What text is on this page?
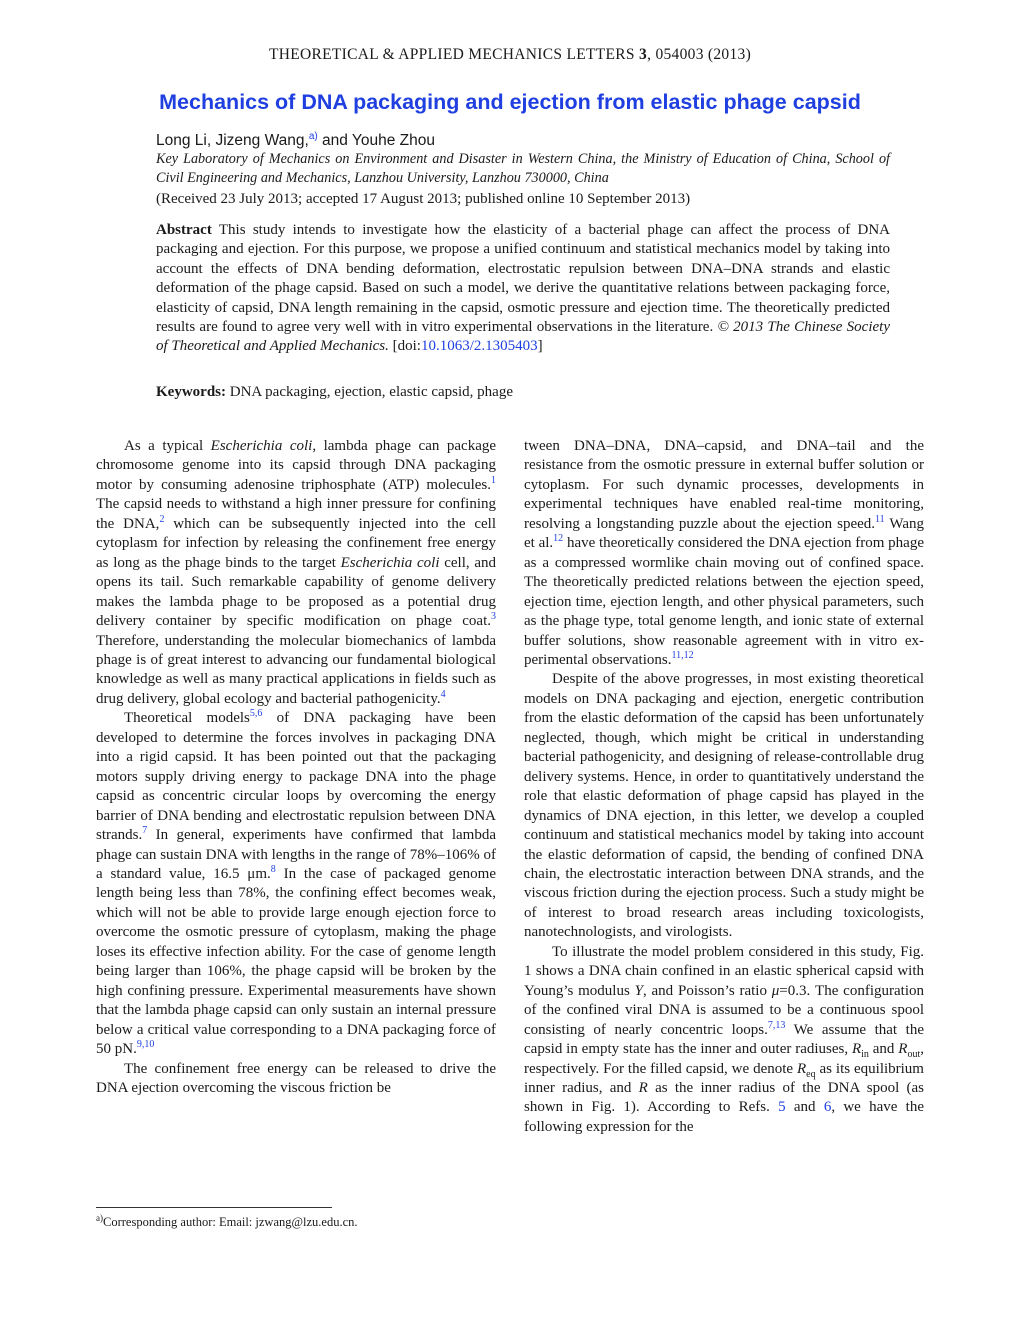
THEORETICAL & APPLIED MECHANICS LETTERS 3, 054003 (2013)
Mechanics of DNA packaging and ejection from elastic phage capsid
Long Li, Jizeng Wang,$^{a)}$ and Youhe Zhou
Key Laboratory of Mechanics on Environment and Disaster in Western China, the Ministry of Education of China, School of Civil Engineering and Mechanics, Lanzhou University, Lanzhou 730000, China
(Received 23 July 2013; accepted 17 August 2013; published online 10 September 2013)
Abstract This study intends to investigate how the elasticity of a bacterial phage can affect the process of DNA packaging and ejection. For this purpose, we propose a unified continuum and statistical mechanics model by taking into account the effects of DNA bending deformation, electrostatic repulsion between DNA–DNA strands and elastic deformation of the phage capsid. Based on such a model, we derive the quantitative relations between packaging force, elasticity of capsid, DNA length remaining in the capsid, osmotic pressure and ejection time. The theoretically predicted results are found to agree very well with in vitro experimental observations in the literature. © 2013 The Chinese Society of Theoretical and Applied Mechanics. [doi:10.1063/2.1305403]
Keywords: DNA packaging, ejection, elastic capsid, phage

As a typical Escherichia coli, lambda phage can package chromosome genome into its capsid through DNA packaging motor by consuming adenosine triphosphate (ATP) molecules.$^1$ The capsid needs to withstand a high inner pressure for confining the DNA,$^2$ which can be subsequently injected into the cell cytoplasm for infection by releasing the confinement free energy as long as the phage binds to the target Escherichia coli cell, and opens its tail. Such remarkable capability of genome delivery makes the lambda phage to be proposed as a potential drug delivery container by specific modification on phage coat.$^3$ Therefore, understanding the molecular biomechanics of lambda phage is of great interest to advancing our fundamental biological knowledge as well as many practical applications in fields such as drug delivery, global ecology and bacterial pathogenicity.$^4$

Theoretical models$^{5,6}$ of DNA packaging have been developed to determine the forces involves in packaging DNA into a rigid capsid. It has been pointed out that the packaging motors supply driving energy to package DNA into the phage capsid as concentric circular loops by overcoming the energy barrier of DNA bending and electrostatic repulsion between DNA strands.$^7$ In general, experiments have confirmed that lambda phage can sustain DNA with lengths in the range of 78%–106% of a standard value, 16.5 μm.$^8$ In the case of packaged genome length being less than 78%, the confining effect becomes weak, which will not be able to provide large enough ejection force to overcome the osmotic pressure of cytoplasm, making the phage loses its effective infection ability. For the case of genome length being larger than 106%, the phage capsid will be broken by the high confining pressure. Experimental measurements have shown that the lambda phage capsid can only sustain an internal pressure below a critical value corresponding to a DNA packaging force of 50 pN.$^{9,10}$

The confinement free energy can be released to drive the DNA ejection overcoming the viscous friction be

tween DNA–DNA, DNA–capsid, and DNA–tail and the resistance from the osmotic pressure in external buffer solution or cytoplasm. For such dynamic processes, developments in experimental techniques have enabled real-time monitoring, resolving a longstanding puzzle about the ejection speed.$^{11}$ Wang et al.$^{12}$ have theoretically considered the DNA ejection from phage as a compressed wormlike chain moving out of confined space. The theoretically predicted relations between the ejection speed, ejection time, ejection length, and other physical parameters, such as the phage type, total genome length, and ionic state of external buffer solutions, show reasonable agreement with in vitro experimental observations.$^{11,12}$

Despite of the above progresses, in most existing theoretical models on DNA packaging and ejection, energetic contribution from the elastic deformation of the capsid has been unfortunately neglected, though, which might be critical in understanding bacterial pathogenicity, and designing of release-controllable drug delivery systems. Hence, in order to quantitatively understand the role that elastic deformation of phage capsid has played in the dynamics of DNA ejection, in this letter, we develop a coupled continuum and statistical mechanics model by taking into account the elastic deformation of capsid, the bending of confined DNA chain, the electrostatic interaction between DNA strands, and the viscous friction during the ejection process. Such a study might be of interest to broad research areas including toxicologists, nanotechnologists, and virologists.

To illustrate the model problem considered in this study, Fig. 1 shows a DNA chain confined in an elastic spherical capsid with Young’s modulus Y, and Poisson’s ratio μ=0.3. The configuration of the confined viral DNA is assumed to be a continuous spool consisting of nearly concentric loops.$^{7,13}$ We assume that the capsid in empty state has the inner and outer radiuses, $R_{in}$ and $R_{out}$, respectively. For the filled capsid, we denote $R_{eq}$ as its equilibrium inner radius, and R as the inner radius of the DNA spool (as shown in Fig. 1). According to Refs. 5 and 6, we have the following expression for the

$^{a)}$Corresponding author: Email: jzwang@lzu.edu.cn.
